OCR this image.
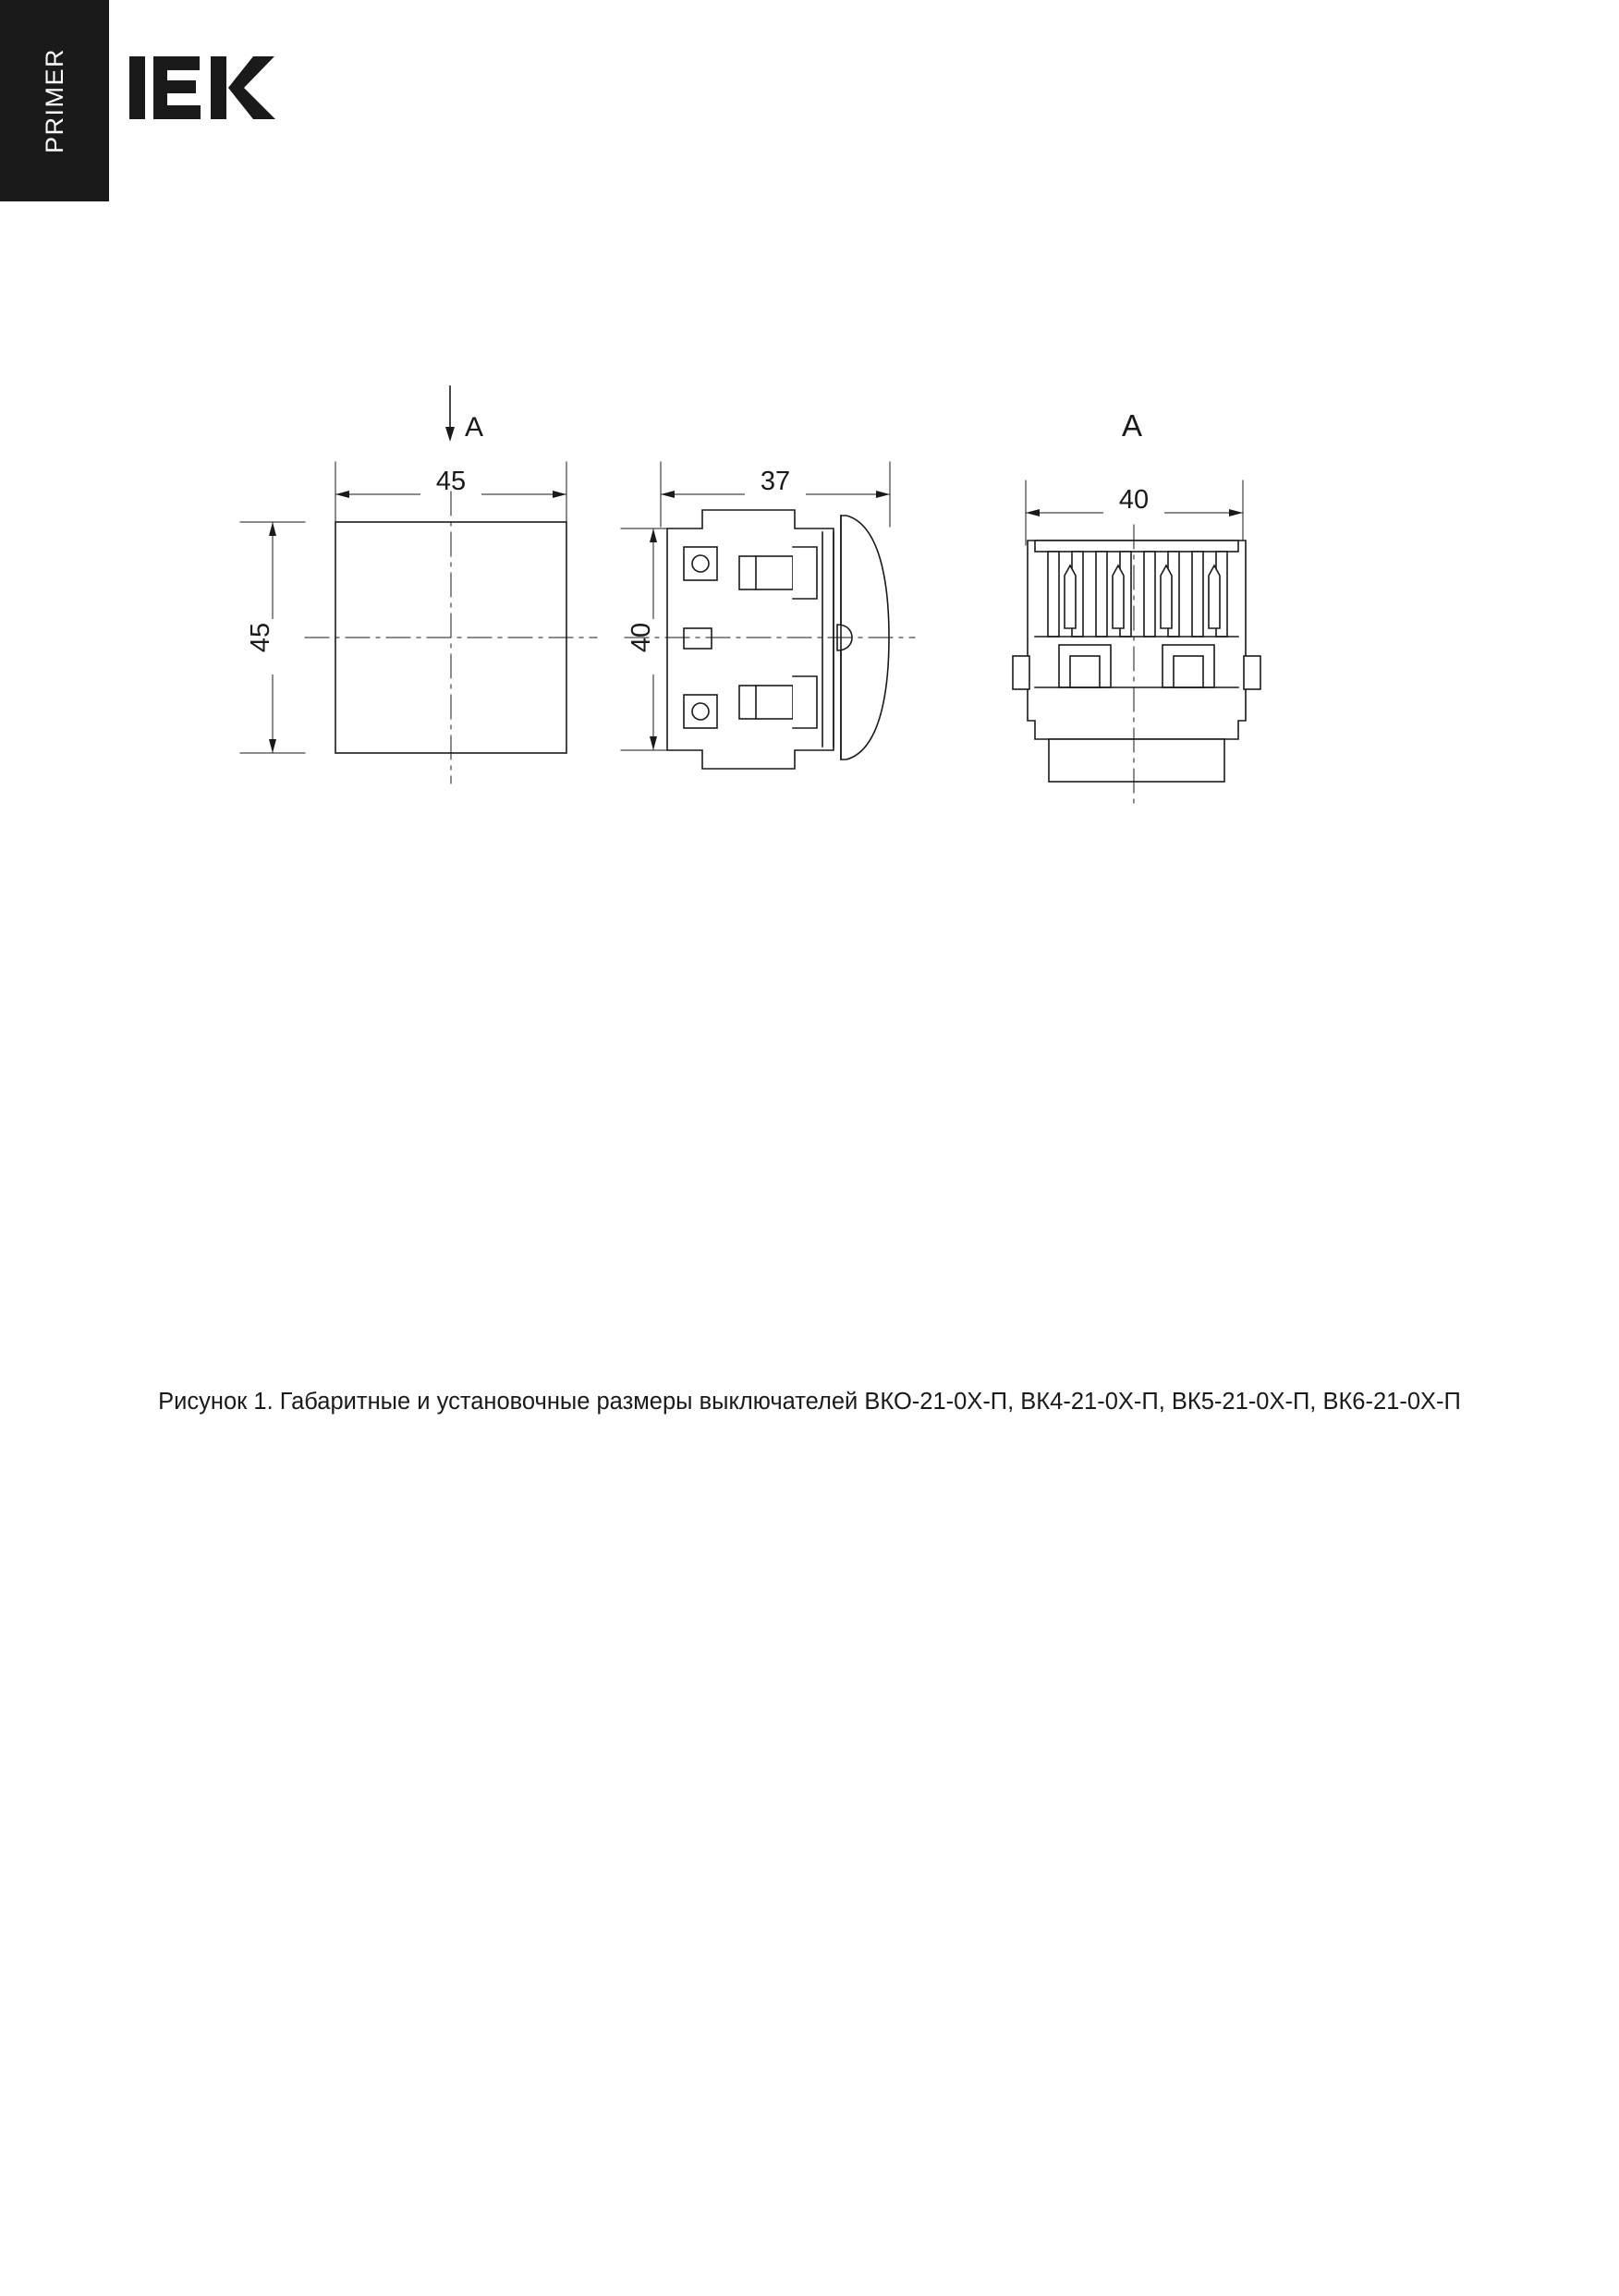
PRIMER
A
45
45
37
40
A
40
Рисунок 1. Габаритные и установочные размеры выключателей ВКО-21-0Х-П, ВК4-21-0Х-П, ВК5-21-0Х-П, ВК6-21-0Х-П
